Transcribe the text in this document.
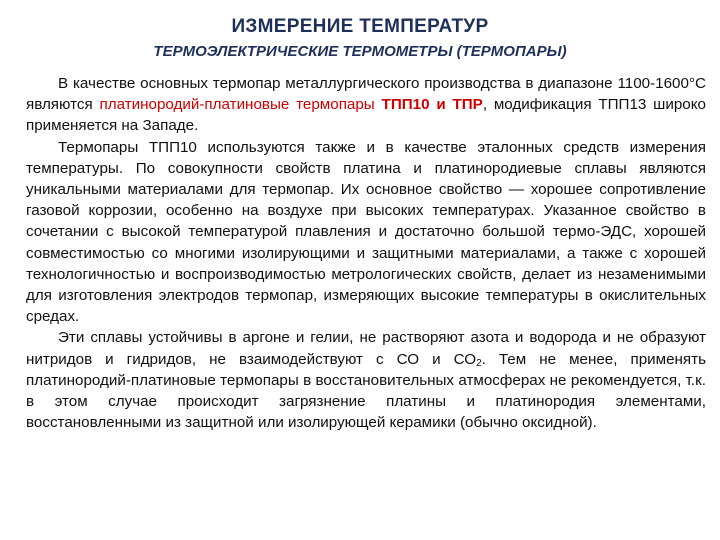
ИЗМЕРЕНИЕ ТЕМПЕРАТУР
ТЕРМОЭЛЕКТРИЧЕСКИЕ ТЕРМОМЕТРЫ (ТЕРМОПАРЫ)

В качестве основных термопар металлургического производства в диапазоне 1100-1600°С являются платинородий-платиновые термопары ТПП10 и ТПР, модификация ТПП13 широко применяется на Западе.

Термопары ТПП10 используются также и в качестве эталонных средств измерения температуры. По совокупности свойств платина и платинородиевые сплавы являются уникальными материалами для термопар. Их основное свойство — хорошее сопротивление газовой коррозии, особенно на воздухе при высоких температурах. Указанное свойство в сочетании с высокой температурой плавления и достаточно большой термо-ЭДС, хорошей совместимостью со многими изолирующими и защитными материалами, а также с хорошей технологичностью и воспроизводимостью метрологических свойств, делает из незаменимыми для изготовления электродов термопар, измеряющих высокие температуры в окислительных средах.

Эти сплавы устойчивы в аргоне и гелии, не растворяют азота и водорода и не образуют нитридов и гидридов, не взаимодействуют с СО и $СО_2$. Тем не менее, применять платинородий-платиновые термопары в восстановительных атмосферах не рекомендуется, т.к. в этом случае происходит загрязнение платины и платинородия элементами, восстановленными из защитной или изолирующей керамики (обычно оксидной).
